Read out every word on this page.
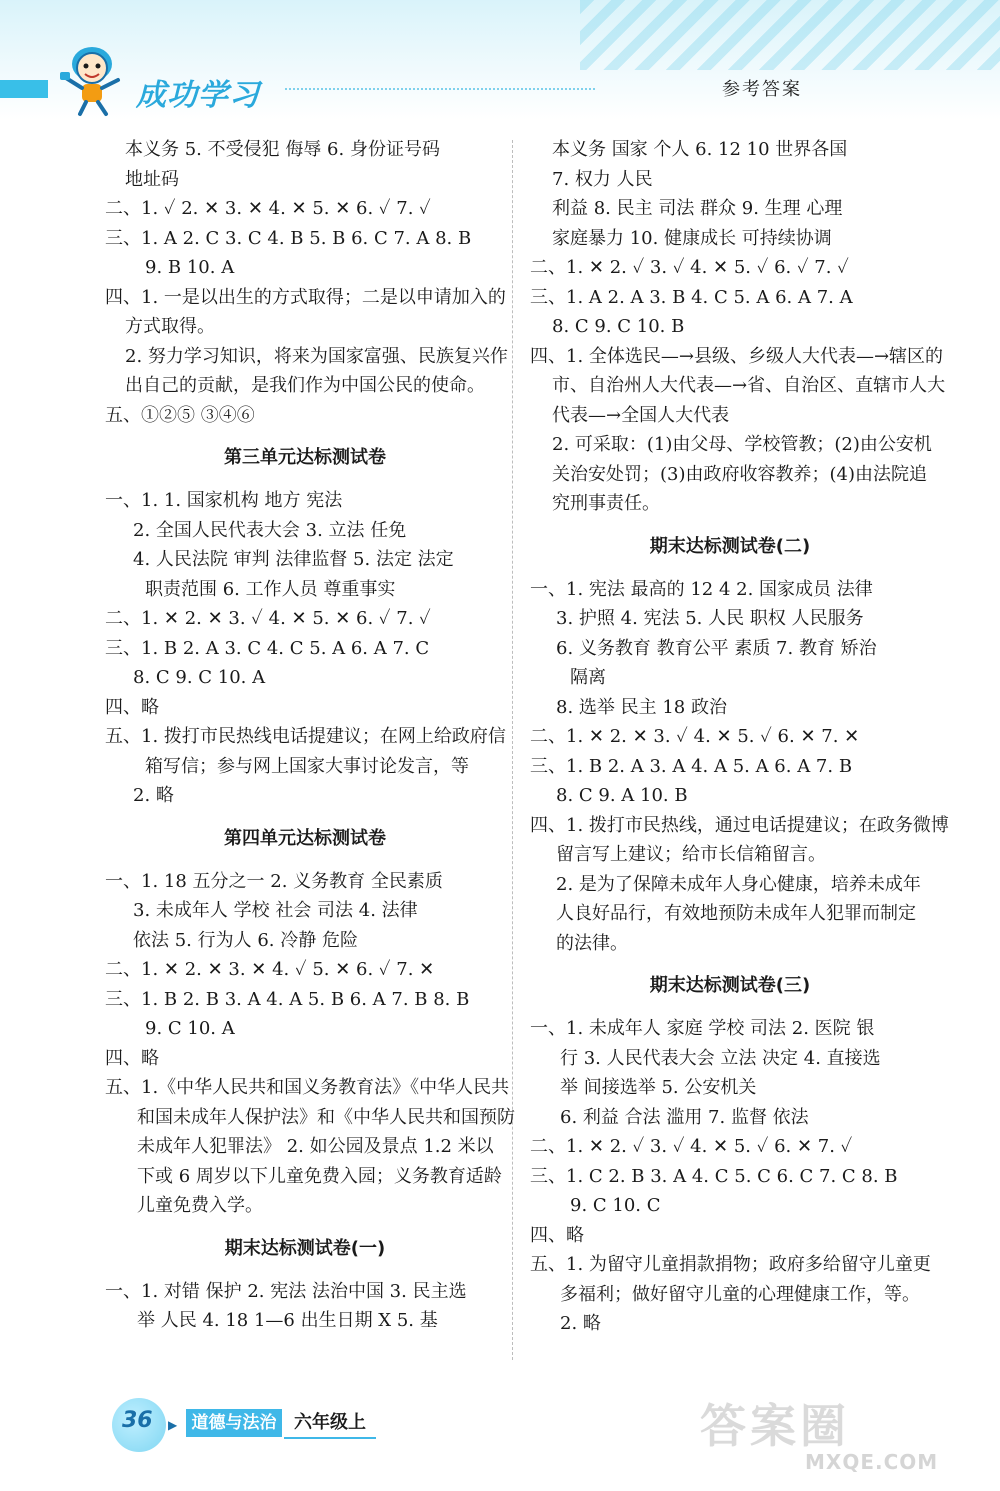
成功学习	参考答案
本义务 5. 不受侵犯 侮辱 6. 身份证号码
地址码
二、1. ✓ 2. ✕ 3. ✕ 4. ✕ 5. ✕ 6. ✓ 7. ✓
三、1. A 2. C 3. C 4. B 5. B 6. C 7. A 8. B
9. B 10. A
四、1. 一是以出生的方式取得；二是以申请加入的
方式取得。
2. 努力学习知识，将来为国家富强、民族复兴作
出自己的贡献，是我们作为中国公民的使命。
五、①②⑤ ③④⑥
第三单元达标测试卷
一、1. 1. 国家机构 地方 宪法
2. 全国人民代表大会 3. 立法 任免
4. 人民法院 审判 法律监督 5. 法定 法定
职责范围 6. 工作人员 尊重事实
二、1. ✕ 2. ✕ 3. ✓ 4. ✕ 5. ✕ 6. ✓ 7. ✓
三、1. B 2. A 3. C 4. C 5. A 6. A 7. C
8. C 9. C 10. A
四、略
五、1. 拨打市民热线电话提建议；在网上给政府信
箱写信；参与网上国家大事讨论发言，等
2. 略
第四单元达标测试卷
一、1. 18 五分之一 2. 义务教育 全民素质
3. 未成年人 学校 社会 司法 4. 法律
依法 5. 行为人 6. 冷静 危险
二、1. ✕ 2. ✕ 3. ✕ 4. ✓ 5. ✕ 6. ✓ 7. ✕
三、1. B 2. B 3. A 4. A 5. B 6. A 7. B 8. B
9. C 10. A
四、略
五、1.《中华人民共和国义务教育法》《中华人民共
和国未成年人保护法》和《中华人民共和国预防
未成年人犯罪法》 2. 如公园及景点 1.2 米以
下或 6 周岁以下儿童免费入园；义务教育适龄
儿童免费入学。
期末达标测试卷(一)
一、1. 对错 保护 2. 宪法 法治中国 3. 民主选
举 人民 4. 18 1—6 出生日期 X 5. 基
本义务 国家 个人 6. 12 10 世界各国
7. 权力 人民
利益 8. 民主 司法 群众 9. 生理 心理
家庭暴力 10. 健康成长 可持续协调
二、1. ✕ 2. ✓ 3. ✓ 4. ✕ 5. ✓ 6. ✓ 7. ✓
三、1. A 2. A 3. B 4. C 5. A 6. A 7. A
8. C 9. C 10. B
四、1. 全体选民—→县级、乡级人大代表—→辖区的
市、自治州人大代表—→省、自治区、直辖市人大
代表—→全国人大代表
2. 可采取：(1)由父母、学校管教；(2)由公安机
关治安处罚；(3)由政府收容教养；(4)由法院追
究刑事责任。
期末达标测试卷(二)
一、1. 宪法 最高的 12 4 2. 国家成员 法律
3. 护照 4. 宪法 5. 人民 职权 人民服务
6. 义务教育 教育公平 素质 7. 教育 矫治
隔离
8. 选举 民主 18 政治
二、1. ✕ 2. ✕ 3. ✓ 4. ✕ 5. ✓ 6. ✕ 7. ✕
三、1. B 2. A 3. A 4. A 5. A 6. A 7. B
8. C 9. A 10. B
四、1. 拨打市民热线，通过电话提建议；在政务微博
留言写上建议；给市长信箱留言。
2. 是为了保障未成年人身心健康，培养未成年
人良好品行，有效地预防未成年人犯罪而制定
的法律。
期末达标测试卷(三)
一、1. 未成年人 家庭 学校 司法 2. 医院 银
行 3. 人民代表大会 立法 决定 4. 直接选
举 间接选举 5. 公安机关
6. 利益 合法 滥用 7. 监督 依法
二、1. ✕ 2. ✓ 3. ✓ 4. ✕ 5. ✓ 6. ✕ 7. ✓
三、1. C 2. B 3. A 4. C 5. C 6. C 7. C 8. B
9. C 10. C
四、略
五、1. 为留守儿童捐款捐物；政府多给留守儿童更
多福利；做好留守儿童的心理健康工作，等。
2. 略
36 ▶ 道德与法治 六年级上	答案圈
MXQE.COM
